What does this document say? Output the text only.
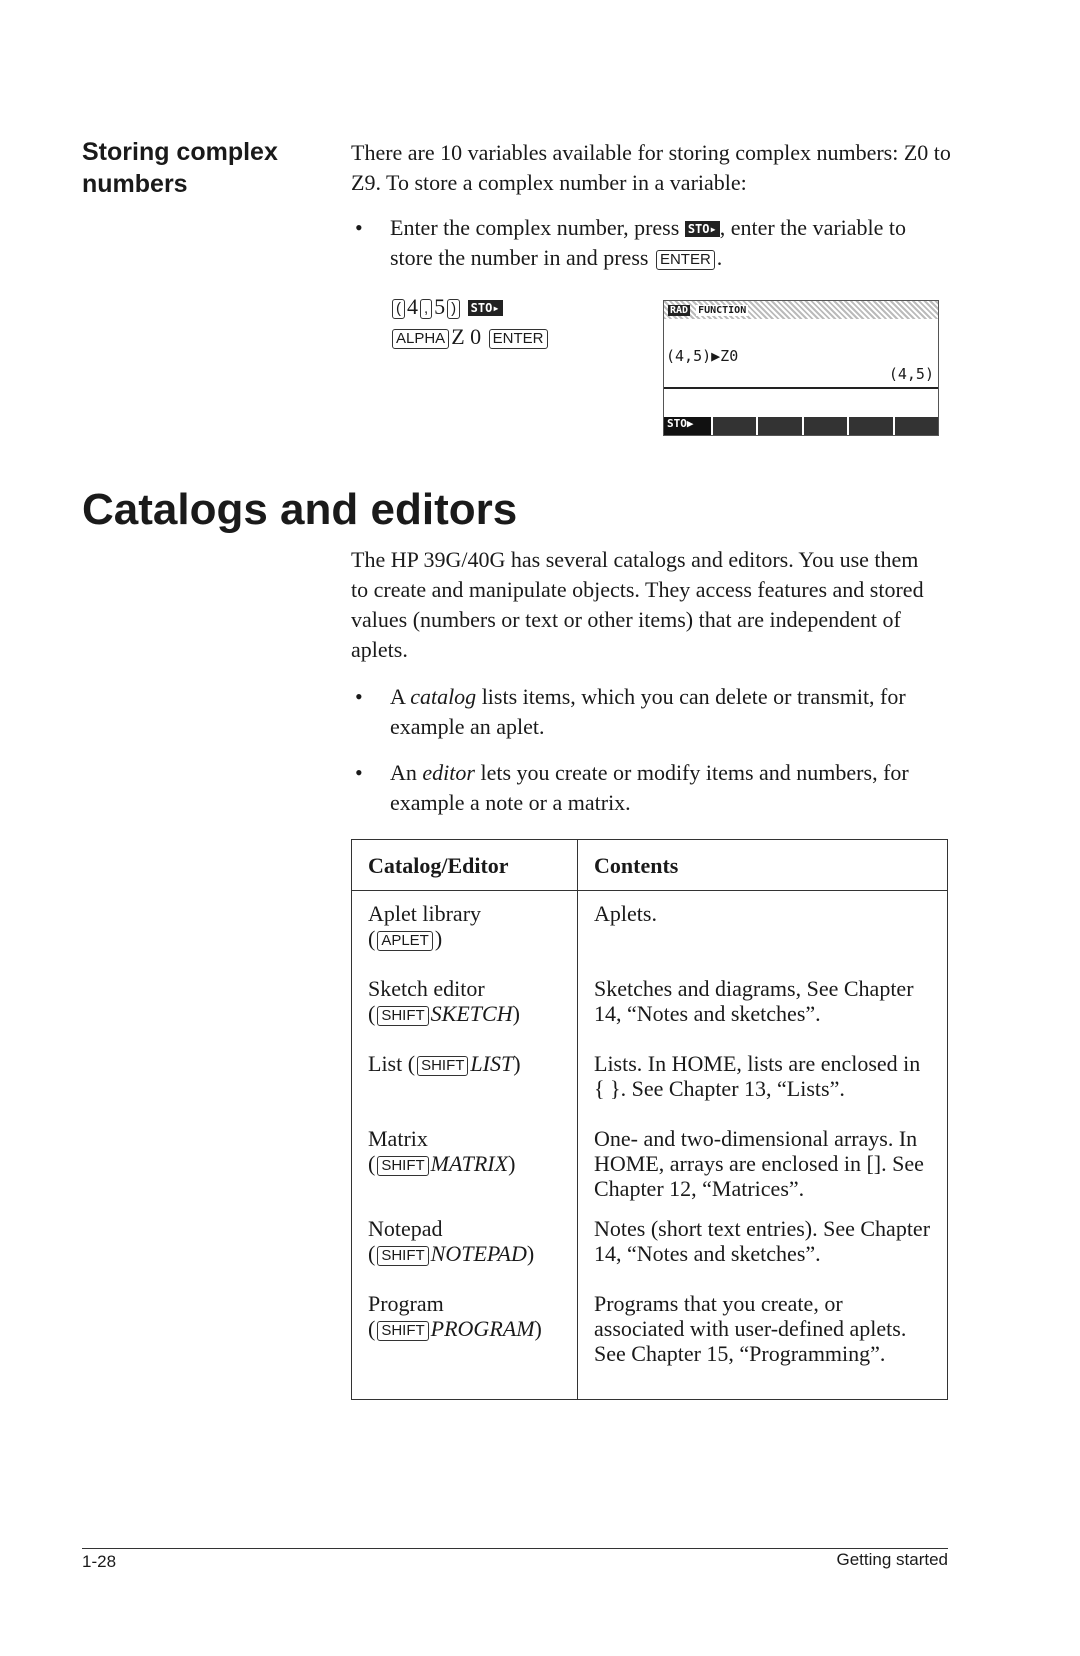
Storing complex numbers
There are 10 variables available for storing complex numbers: Z0 to Z9. To store a complex number in a variable:
• Enter the complex number, press STO▸ , enter the variable to store the number in and press ENTER .
( 4 , 5 ) STO▸
ALPHA Z 0 ENTER
RAD FUNCTION
(4,5)▶Z0
(4,5)
STO▶
Catalogs and editors
The HP 39G/40G has several catalogs and editors. You use them to create and manipulate objects. They access features and stored values (numbers or text or other items) that are independent of aplets.
• A catalog lists items, which you can delete or transmit, for example an aplet.
• An editor lets you create or modify items and numbers, for example a note or a matrix.
Catalog/Editor	Contents

Aplet library
( APLET )	Aplets.

Sketch editor
( SHIFT SKETCH)	Sketches and diagrams, See Chapter 14, “Notes and sketches”.
List ( SHIFT LIST)	Lists. In HOME, lists are enclosed in { }. See Chapter 13, “Lists”.

Matrix
( SHIFT MATRIX)	One- and two-dimensional arrays. In HOME, arrays are enclosed in []. See Chapter 12, “Matrices”.

Notepad
( SHIFT NOTEPAD)	Notes (short text entries). See Chapter 14, “Notes and sketches”.

Program
( SHIFT PROGRAM)	Programs that you create, or associated with user-defined aplets. See Chapter 15, “Programming”.
1-28	Getting started
